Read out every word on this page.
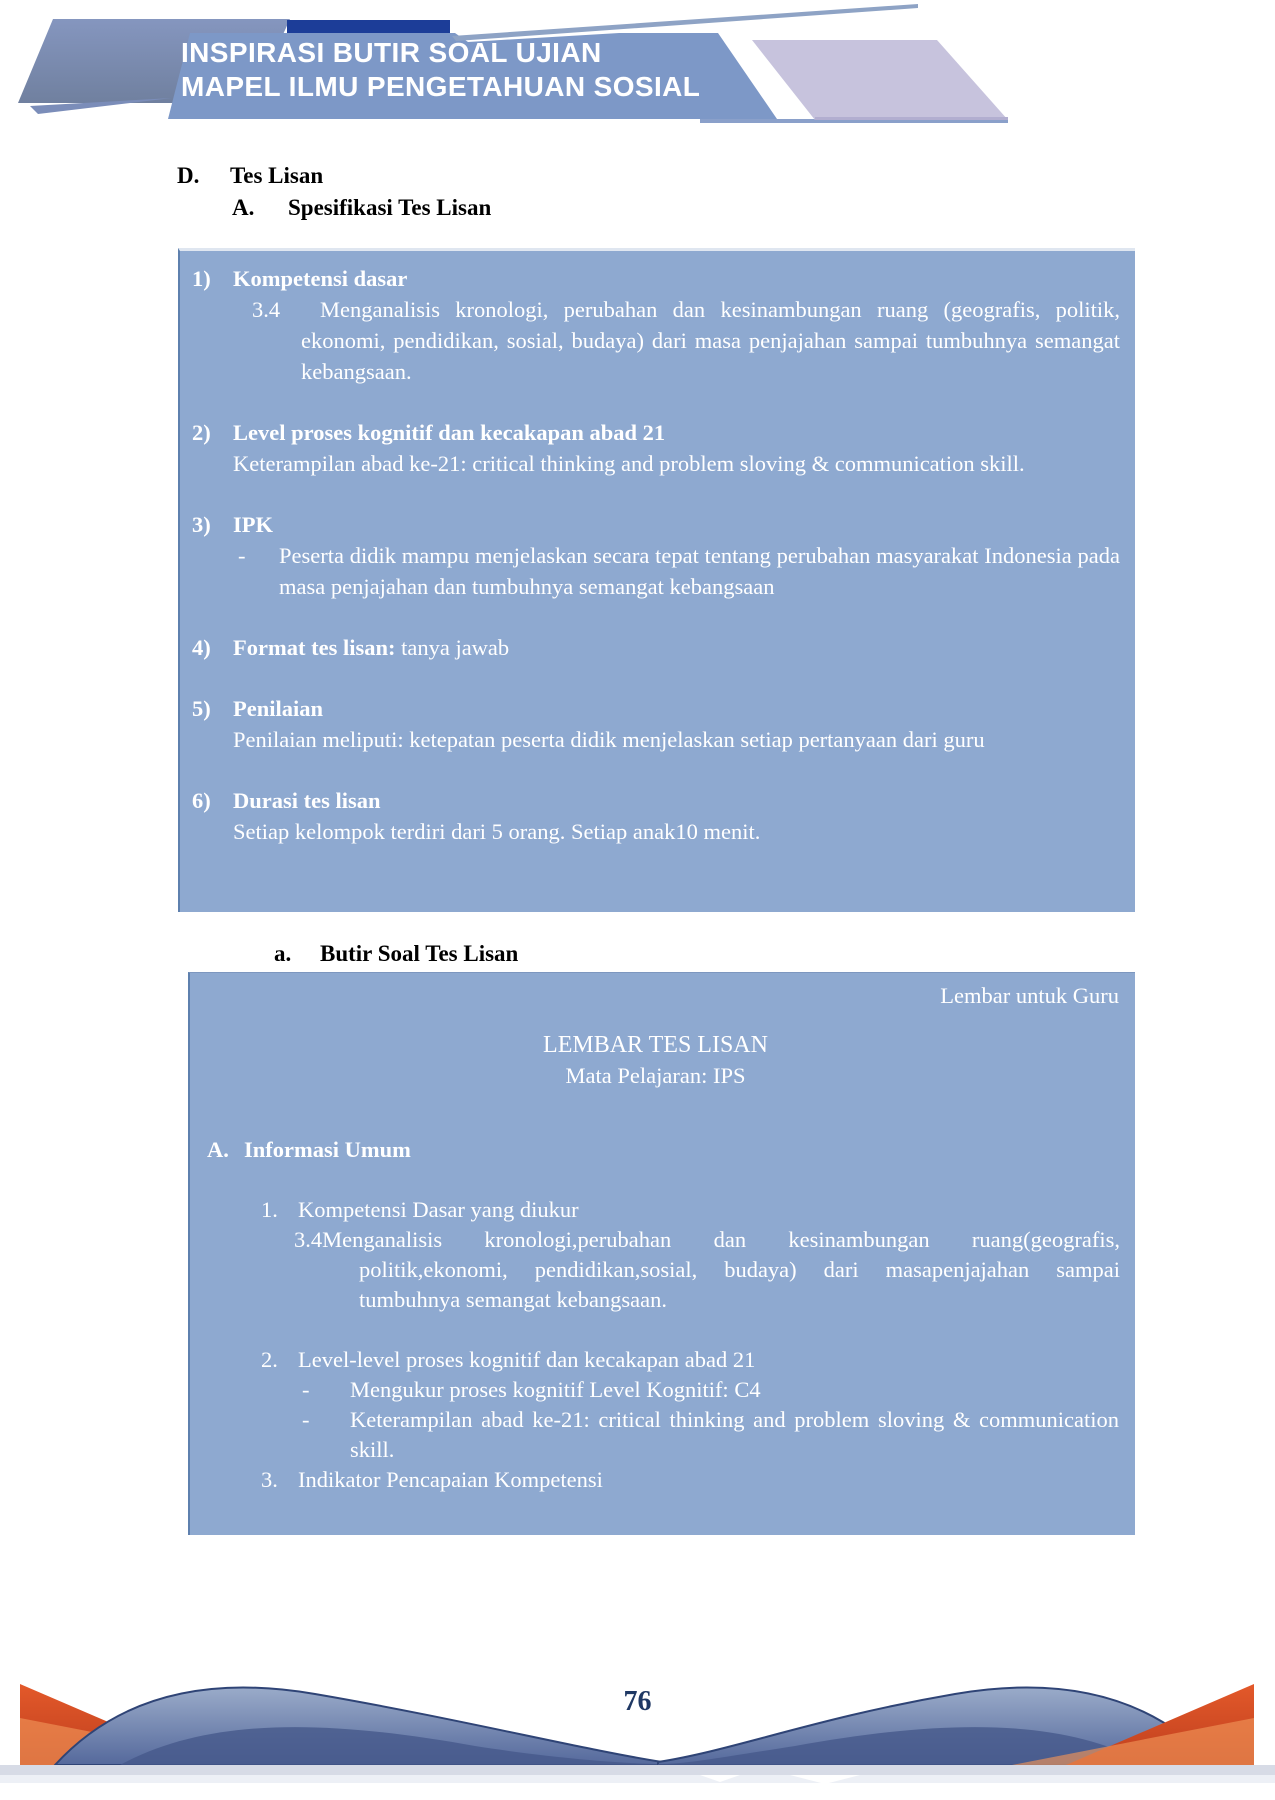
INSPIRASI BUTIR SOAL UJIAN
MAPEL ILMU PENGETAHUAN SOSIAL
D.	Tes Lisan
A.	Spesifikasi Tes Lisan
1) Kompetensi dasar

3.4 Menganalisis kronologi, perubahan dan kesinambungan ruang (geografis, politik, ekonomi, pendidikan, sosial, budaya) dari masa penjajahan sampai tumbuhnya semangat kebangsaan.

2) Level proses kognitif dan kecakapan abad 21

Keterampilan abad ke-21: critical thinking and problem sloving & communication skill.

3) IPK
-	Peserta didik mampu menjelaskan secara tepat tentang perubahan masyarakat Indonesia pada masa penjajahan dan tumbuhnya semangat kebangsaan

4) Format tes lisan: tanya jawab
5) Penilaian

Penilaian meliputi: ketepatan peserta didik menjelaskan setiap pertanyaan dari guru

6) Durasi tes lisan

Setiap kelompok terdiri dari 5 orang. Setiap anak10 menit.

a.	Butir Soal Tes Lisan
Lembar untuk Guru
LEMBAR TES LISAN
Mata Pelajaran: IPS
A. Informasi Umum
1. Kompetensi Dasar yang diukur

3.4Menganalisis kronologi,perubahan dan kesinambungan ruang(geografis, politik,ekonomi, pendidikan,sosial, budaya) dari masapenjajahan sampai tumbuhnya semangat kebangsaan.

2. Level-level proses kognitif dan kecakapan abad 21
-	Mengukur proses kognitif Level Kognitif: C4

-	Keterampilan abad ke-21: critical thinking and problem sloving & communication skill.

3. Indikator Pencapaian Kompetensi
76
